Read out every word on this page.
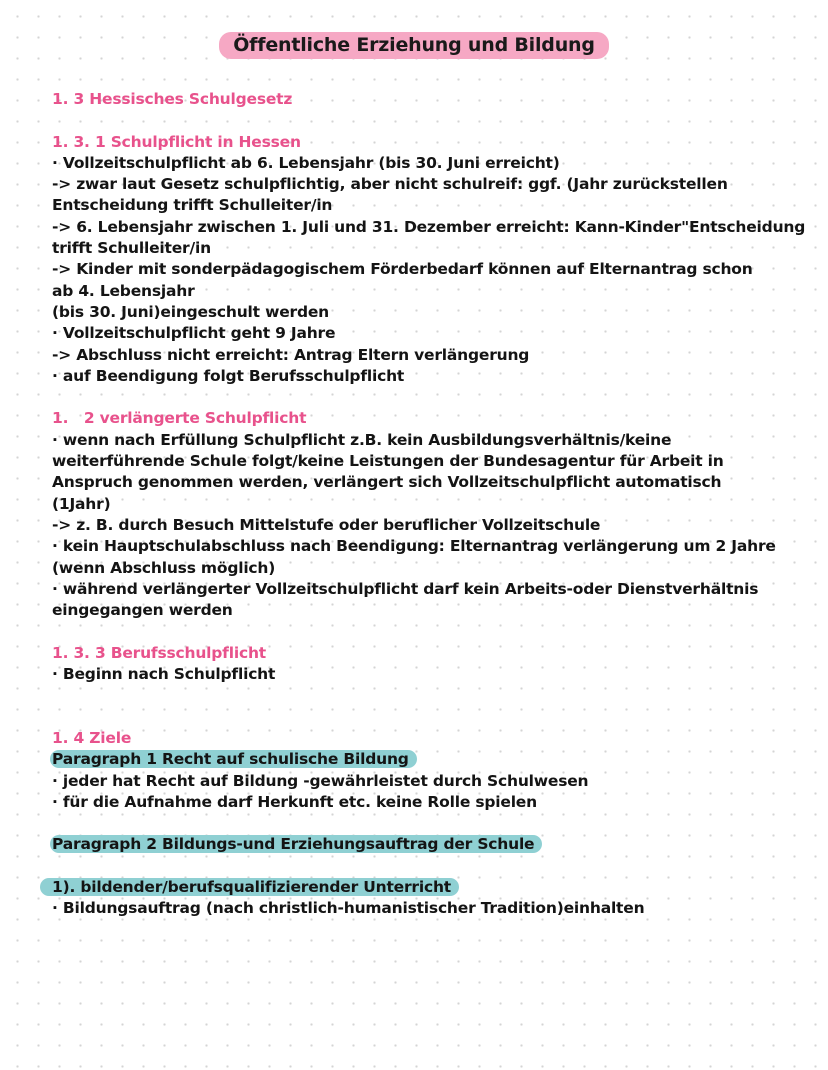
Öffentliche Erziehung und Bildung
1. 3 Hessisches Schulgesetz
1. 3. 1 Schulpflicht in Hessen
· Vollzeitschulpflicht ab 6. Lebensjahr (bis 30. Juni erreicht)
-> zwar laut Gesetz schulpflichtig, aber nicht schulreif: ggf. (Jahr zurückstellen
Entscheidung trifft Schulleiter/in
-> 6. Lebensjahr zwischen 1. Juli und 31. Dezember erreicht: Kann-Kinder"Entscheidung
trifft Schulleiter/in
-> Kinder mit sonderpädagogischem Förderbedarf können auf Elternantrag schon
ab 4. Lebensjahr
(bis 30. Juni)eingeschult werden
· Vollzeitschulpflicht geht 9 Jahre
-> Abschluss nicht erreicht: Antrag Eltern verlängerung
· auf Beendigung folgt Berufsschulpflicht
1.   2 verlängerte Schulpflicht
· wenn nach Erfüllung Schulpflicht z.B. kein Ausbildungsverhältnis/keine
weiterführende Schule folgt/keine Leistungen der Bundesagentur für Arbeit in
Anspruch genommen werden, verlängert sich Vollzeitschulpflicht automatisch
(1Jahr)
-> z. B. durch Besuch Mittelstufe oder beruflicher Vollzeitschule
· kein Hauptschulabschluss nach Beendigung: Elternantrag verlängerung um 2 Jahre
(wenn Abschluss möglich)
· während verlängerter Vollzeitschulpflicht darf kein Arbeits-oder Dienstverhältnis
eingegangen werden
1. 3. 3 Berufsschulpflicht
· Beginn nach Schulpflicht
1. 4 Ziele
Paragraph 1 Recht auf schulische Bildung
· jeder hat Recht auf Bildung -gewährleistet durch Schulwesen
· für die Aufnahme darf Herkunft etc. keine Rolle spielen
Paragraph 2 Bildungs-und Erziehungsauftrag der Schule
1). bildender/berufsqualifizierender Unterricht
· Bildungsauftrag (nach christlich-humanistischer Tradition)einhalten
